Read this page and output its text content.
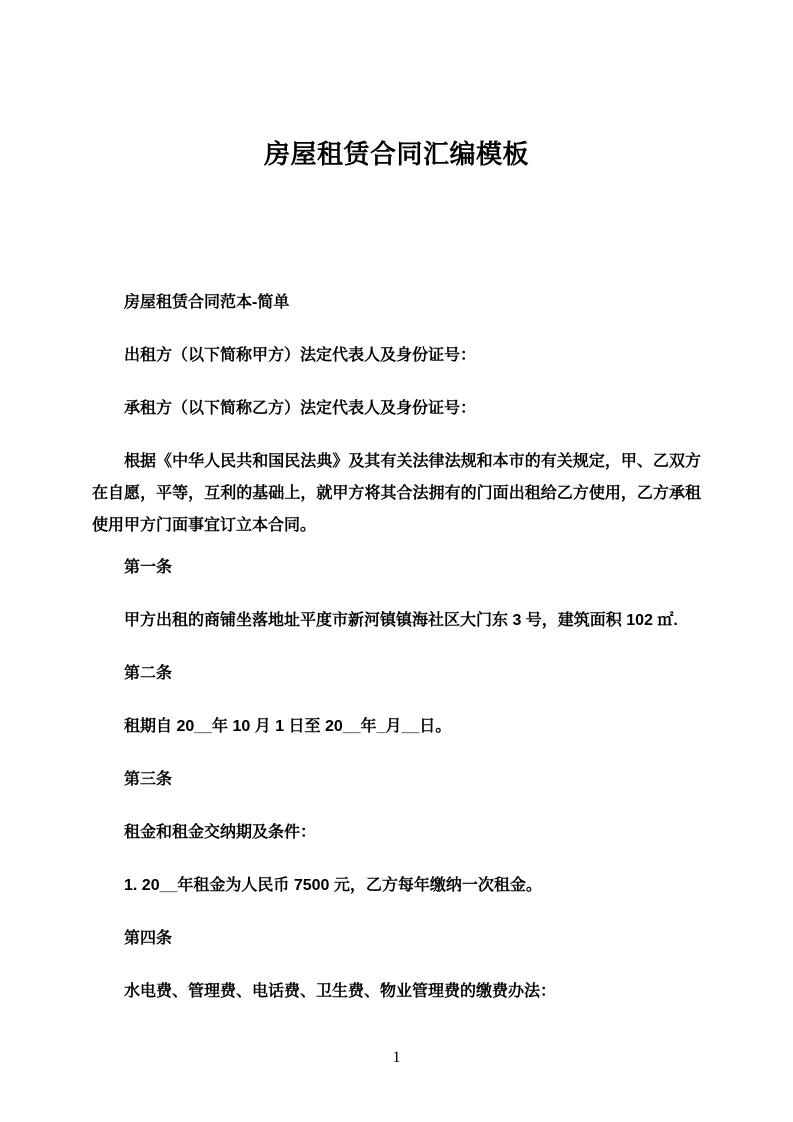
房屋租赁合同汇编模板

房屋租赁合同范本-简单

出租方（以下简称甲方）法定代表人及身份证号：

承租方（以下简称乙方）法定代表人及身份证号：

根据《中华人民共和国民法典》及其有关法律法规和本市的有关规定，甲、乙双方在自愿，平等，互利的基础上，就甲方将其合法拥有的门面出租给乙方使用，乙方承租使用甲方门面事宜订立本合同。

第一条

甲方出租的商铺坐落地址平度市新河镇镇海社区大门东 3 号，建筑面积 102 ㎡.

第二条

租期自 20__年 10 月 1 日至 20__年_月__日。

第三条

租金和租金交纳期及条件：

1. 20__年租金为人民币 7500 元，乙方每年缴纳一次租金。

第四条

水电费、管理费、电话费、卫生费、物业管理费的缴费办法：

1
